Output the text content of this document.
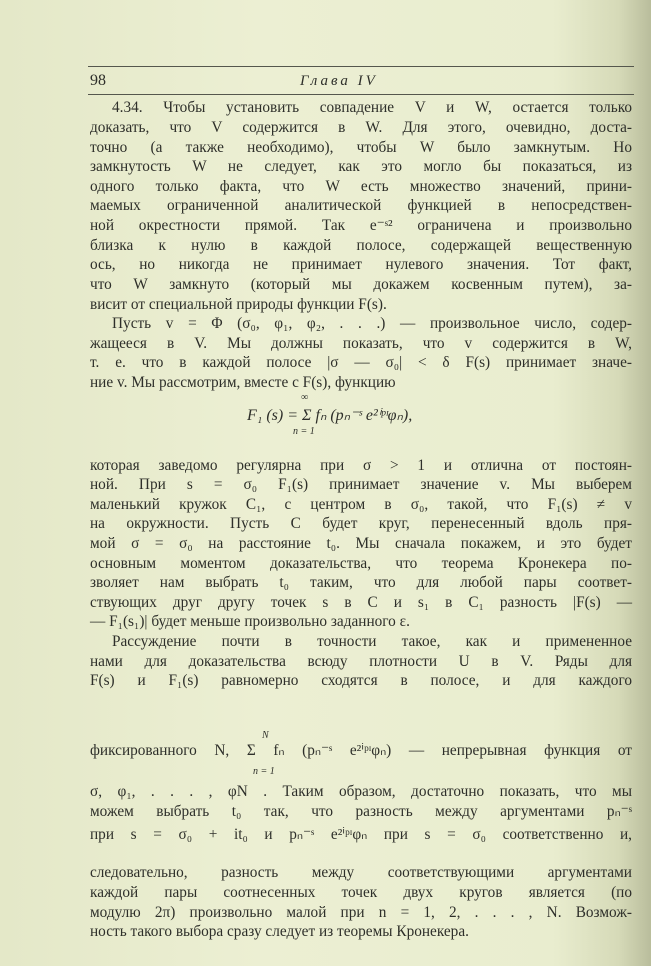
98	Глава IV
4.34. Чтобы установить совпадение V и W, остается только
доказать, что V содержится в W. Для этого, очевидно, доста-
точно (а также необходимо), чтобы W было замкнутым. Но
замкнутость W не следует, как это могло бы показаться, из
одного только факта, что W есть множество значений, прини-
маемых ограниченной аналитической функцией в непосредствен-
ной окрестности прямой. Так e⁻ˢ² ограничена и произвольно
близка к нулю в каждой полосе, содержащей вещественную
ось, но никогда не принимает нулевого значения. Тот факт,
что W замкнуто (который мы докажем косвенным путем), за-
висит от специальной природы функции F(s).
Пусть v = Φ (σ₀, φ₁, φ₂, . . .) — произвольное число, содер-
жащееся в V. Мы должны показать, что v содержится в W,
т. е. что в каждой полосе |σ — σ₀| < δ F(s) принимает значе-
ние v. Мы рассмотрим, вместе с F(s), функцию
которая заведомо регулярна при σ > 1 и отлична от постоян-
ной. При s = σ₀ F₁(s) принимает значение v. Мы выберем
маленький кружок C₁, с центром в σ₀, такой, что F₁(s) ≠ v
на окружности. Пусть C будет круг, перенесенный вдоль пря-
мой σ = σ₀ на расстояние t₀. Мы сначала покажем, и это будет
основным моментом доказательства, что теорема Кронекера по-
зволяет нам выбрать t₀ таким, что для любой пары соответ-
ствующих друг другу точек s в C и s₁ в C₁ разность |F(s) —
— F₁(s₁)| будет меньше произвольно заданного ε.
Рассуждение почти в точности такое, как и примененное
нами для доказательства всюду плотности U в V. Ряды для
F(s) и F₁(s) равномерно сходятся в полосе, и для каждого
фиксированного N, Σ fₙ (pₙ⁻ˢ e²ⁱᵖᶦφₙ) — непрерывная функция от
σ, φ₁, . . . , φN . Таким образом, достаточно показать, что мы
можем выбрать t₀ так, что разность между аргументами pₙ⁻ˢ
при s = σ₀ + it₀ и pₙ⁻ˢ e²ⁱᵖᶦφₙ при s = σ₀ соответственно и,
следовательно, разность между соответствующими аргументами
каждой пары соотнесенных точек двух кругов является (по
модулю 2π) произвольно малой при n = 1, 2, . . . , N. Возмож-
ность такого выбора сразу следует из теоремы Кронекера.
F₁ (s) = Σ fₙ (pₙ⁻ˢ e²ⁱᵖᶦφₙ),
∞
n = 1
N
n = 1
